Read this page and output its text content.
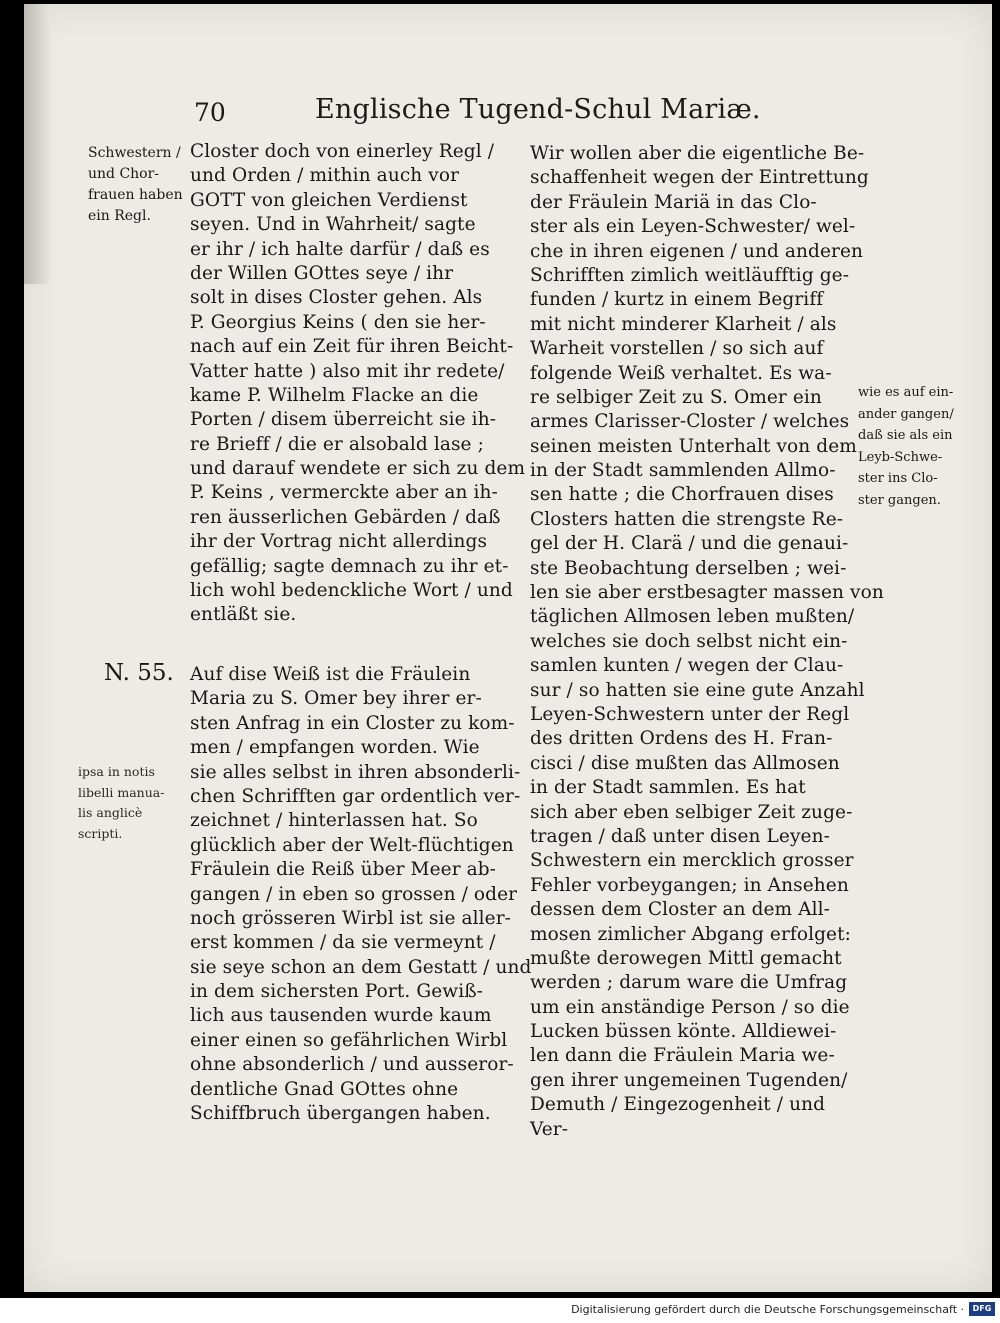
70	Englische Tugend-Schul Mariæ.
Schwestern /
und Chor-
frauen haben
ein Regl.
N. 55.
ipsa in notis
libelli manua-
lis anglicè
scripti.
wie es auf ein-
ander gangen/
daß sie als ein
Leyb-Schwe-
ster ins Clo-
ster gangen.
Closter doch von einerley Regl /
und Orden / mithin auch vor
GOTT von gleichen Verdienst
seyen. Und in Wahrheit/ sagte
er ihr / ich halte darfür / daß es
der Willen GOttes seye / ihr
solt in dises Closter gehen. Als
P. Georgius Keins ( den sie her-
nach auf ein Zeit für ihren Beicht-
Vatter hatte ) also mit ihr redete/
kame P. Wilhelm Flacke an die
Porten / disem überreicht sie ih-
re Brieff / die er alsobald lase ;
und darauf wendete er sich zu dem
P. Keins , vermerckte aber an ih-
ren äusserlichen Gebärden / daß
ihr der Vortrag nicht allerdings
gefällig; sagte demnach zu ihr et-
lich wohl bedenckliche Wort / und
entläßt sie.
Auf dise Weiß ist die Fräulein
Maria zu S. Omer bey ihrer er-
sten Anfrag in ein Closter zu kom-
men / empfangen worden. Wie
sie alles selbst in ihren absonderli-
chen Schrifften gar ordentlich ver-
zeichnet / hinterlassen hat. So
glücklich aber der Welt-flüchtigen
Fräulein die Reiß über Meer ab-
gangen / in eben so grossen / oder
noch grösseren Wirbl ist sie aller-
erst kommen / da sie vermeynt /
sie seye schon an dem Gestatt / und
in dem sichersten Port. Gewiß-
lich aus tausenden wurde kaum
einer einen so gefährlichen Wirbl
ohne absonderlich / und ausseror-
dentliche Gnad GOttes ohne
Schiffbruch übergangen haben.
Wir wollen aber die eigentliche Be-
schaffenheit wegen der Eintrettung
der Fräulein Mariä in das Clo-
ster als ein Leyen-Schwester/ wel-
che in ihren eigenen / und anderen
Schrifften zimlich weitläufftig ge-
funden / kurtz in einem Begriff
mit nicht minderer Klarheit / als
Warheit vorstellen / so sich auf
folgende Weiß verhaltet. Es wa-
re selbiger Zeit zu S. Omer ein
armes Clarisser-Closter / welches
seinen meisten Unterhalt von dem
in der Stadt sammlenden Allmo-
sen hatte ; die Chorfrauen dises
Closters hatten die strengste Re-
gel der H. Clarä / und die genaui-
ste Beobachtung derselben ; wei-
len sie aber erstbesagter massen von
täglichen Allmosen leben mußten/
welches sie doch selbst nicht ein-
samlen kunten / wegen der Clau-
sur / so hatten sie eine gute Anzahl
Leyen-Schwestern unter der Regl
des dritten Ordens des H. Fran-
cisci / dise mußten das Allmosen
in der Stadt sammlen. Es hat
sich aber eben selbiger Zeit zuge-
tragen / daß unter disen Leyen-
Schwestern ein mercklich grosser
Fehler vorbeygangen; in Ansehen
dessen dem Closter an dem All-
mosen zimlicher Abgang erfolget:
mußte derowegen Mittl gemacht
werden ; darum ware die Umfrag
um ein anständige Person / so die
Lucken büssen könte. Alldiewei-
len dann die Fräulein Maria we-
gen ihrer ungemeinen Tugenden/
Demuth / Eingezogenheit / und
Ver-
Digitalisierung gefördert durch die Deutsche Forschungsgemeinschaft ·	DFG
